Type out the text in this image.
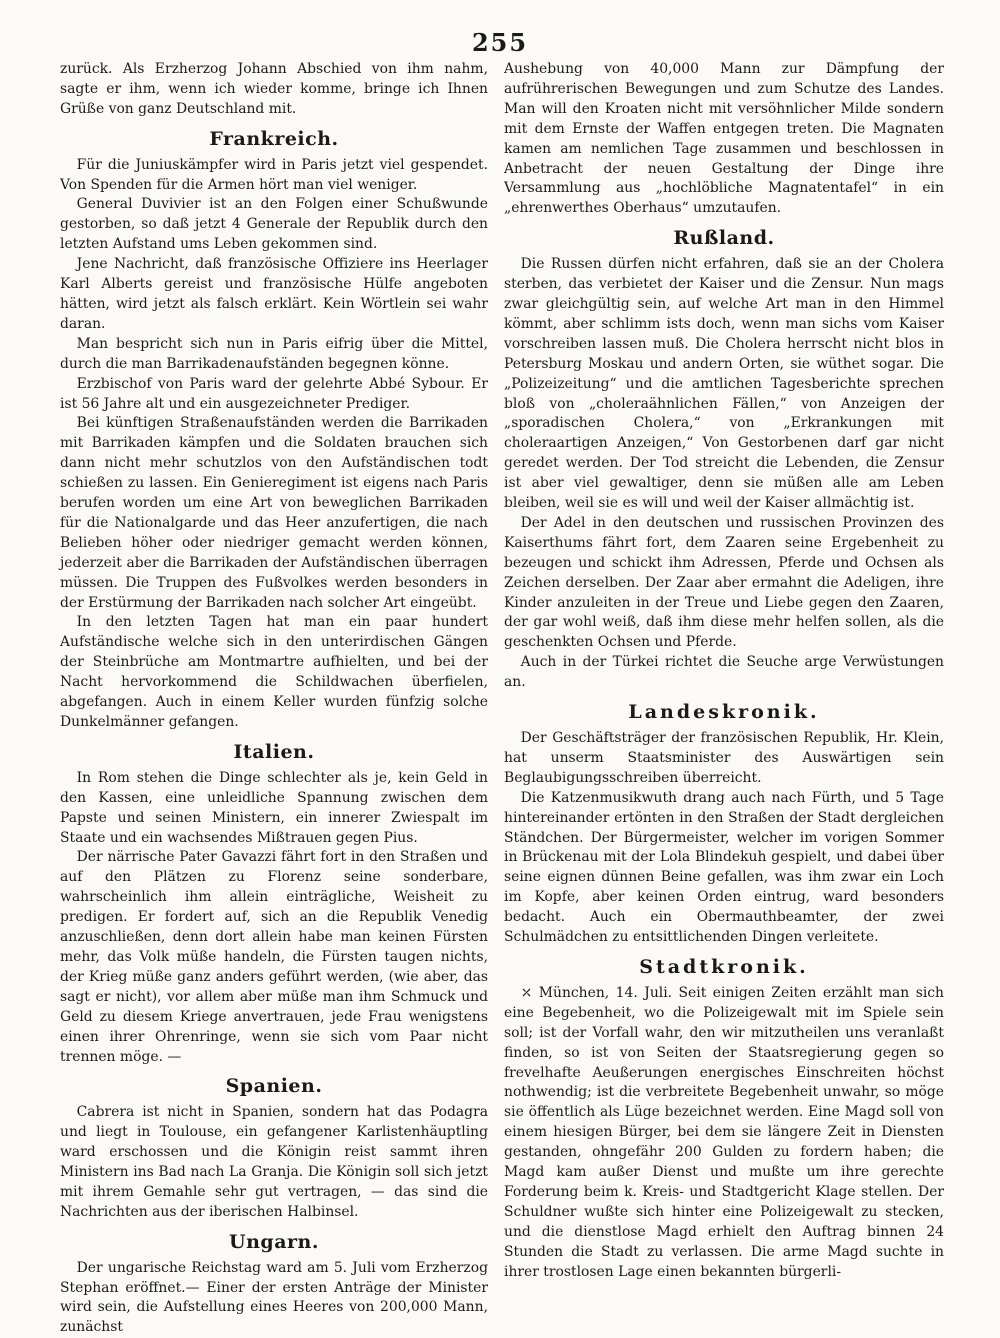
255

zurück. Als Erzherzog Johann Abschied von ihm nahm, sagte er ihm, wenn ich wieder komme, bringe ich Ihnen Grüße von ganz Deutschland mit.

Frankreich.

Für die Juniuskämpfer wird in Paris jetzt viel gespendet. Von Spenden für die Armen hört man viel weniger.

General Duvivier ist an den Folgen einer Schußwunde gestorben, so daß jetzt 4 Generale der Republik durch den letzten Aufstand ums Leben gekommen sind.

Jene Nachricht, daß französische Offiziere ins Heerlager Karl Alberts gereist und französische Hülfe angeboten hätten, wird jetzt als falsch erklärt. Kein Wörtlein sei wahr daran.

Man bespricht sich nun in Paris eifrig über die Mittel, durch die man Barrikadenaufständen begegnen könne.

Erzbischof von Paris ward der gelehrte Abbé Sybour. Er ist 56 Jahre alt und ein ausgezeichneter Prediger.

Bei künftigen Straßenaufständen werden die Barrikaden mit Barrikaden kämpfen und die Soldaten brauchen sich dann nicht mehr schutzlos von den Aufständischen todt schießen zu lassen. Ein Genieregiment ist eigens nach Paris berufen worden um eine Art von beweglichen Barrikaden für die Nationalgarde und das Heer anzufertigen, die nach Belieben höher oder niedriger gemacht werden können, jederzeit aber die Barrikaden der Aufständischen überragen müssen. Die Truppen des Fußvolkes werden besonders in der Erstürmung der Barrikaden nach solcher Art eingeübt.

In den letzten Tagen hat man ein paar hundert Aufständische welche sich in den unterirdischen Gängen der Steinbrüche am Montmartre aufhielten, und bei der Nacht hervorkommend die Schildwachen überfielen, abgefangen. Auch in einem Keller wurden fünfzig solche Dunkelmänner gefangen.

Italien.

In Rom stehen die Dinge schlechter als je, kein Geld in den Kassen, eine unleidliche Spannung zwischen dem Papste und seinen Ministern, ein innerer Zwiespalt im Staate und ein wachsendes Mißtrauen gegen Pius.

Der närrische Pater Gavazzi fährt fort in den Straßen und auf den Plätzen zu Florenz seine sonderbare, wahrscheinlich ihm allein einträgliche, Weisheit zu predigen. Er fordert auf, sich an die Republik Venedig anzuschließen, denn dort allein habe man keinen Fürsten mehr, das Volk müße handeln, die Fürsten taugen nichts, der Krieg müße ganz anders geführt werden, (wie aber, das sagt er nicht), vor allem aber müße man ihm Schmuck und Geld zu diesem Kriege anvertrauen, jede Frau wenigstens einen ihrer Ohrenringe, wenn sie sich vom Paar nicht trennen möge. —

Spanien.

Cabrera ist nicht in Spanien, sondern hat das Podagra und liegt in Toulouse, ein gefangener Karlistenhäuptling ward erschossen und die Königin reist sammt ihren Ministern ins Bad nach La Granja. Die Königin soll sich jetzt mit ihrem Gemahle sehr gut vertragen, — das sind die Nachrichten aus der iberischen Halbinsel.

Ungarn.

Der ungarische Reichstag ward am 5. Juli vom Erzherzog Stephan eröffnet.— Einer der ersten Anträge der Minister wird sein, die Aufstellung eines Heeres von 200,000 Mann, zunächst

Aushebung von 40,000 Mann zur Dämpfung der aufrührerischen Bewegungen und zum Schutze des Landes. Man will den Kroaten nicht mit versöhnlicher Milde sondern mit dem Ernste der Waffen entgegen treten. Die Magnaten kamen am nemlichen Tage zusammen und beschlossen in Anbetracht der neuen Gestaltung der Dinge ihre Versammlung aus „hochlöbliche Magnatentafel“ in ein „ehrenwerthes Oberhaus“ umzutaufen.

Rußland.

Die Russen dürfen nicht erfahren, daß sie an der Cholera sterben, das verbietet der Kaiser und die Zensur. Nun mags zwar gleichgültig sein, auf welche Art man in den Himmel kömmt, aber schlimm ists doch, wenn man sichs vom Kaiser vorschreiben lassen muß. Die Cholera herrscht nicht blos in Petersburg Moskau und andern Orten, sie wüthet sogar. Die „Polizeizeitung“ und die amtlichen Tagesberichte sprechen bloß von „choleraähnlichen Fällen,“ von Anzeigen der „sporadischen Cholera,“ von „Erkrankungen mit choleraartigen Anzeigen,“ Von Gestorbenen darf gar nicht geredet werden. Der Tod streicht die Lebenden, die Zensur ist aber viel gewaltiger, denn sie müßen alle am Leben bleiben, weil sie es will und weil der Kaiser allmächtig ist.

Der Adel in den deutschen und russischen Provinzen des Kaiserthums fährt fort, dem Zaaren seine Ergebenheit zu bezeugen und schickt ihm Adressen, Pferde und Ochsen als Zeichen derselben. Der Zaar aber ermahnt die Adeligen, ihre Kinder anzuleiten in der Treue und Liebe gegen den Zaaren, der gar wohl weiß, daß ihm diese mehr helfen sollen, als die geschenkten Ochsen und Pferde.

Auch in der Türkei richtet die Seuche arge Verwüstungen an.

Landeskronik.

Der Geschäftsträger der französischen Republik, Hr. Klein, hat unserm Staatsminister des Auswärtigen sein Beglaubigungsschreiben überreicht.

Die Katzenmusikwuth drang auch nach Fürth, und 5 Tage hintereinander ertönten in den Straßen der Stadt dergleichen Ständchen. Der Bürgermeister, welcher im vorigen Sommer in Brückenau mit der Lola Blindekuh gespielt, und dabei über seine eignen dünnen Beine gefallen, was ihm zwar ein Loch im Kopfe, aber keinen Orden eintrug, ward besonders bedacht. Auch ein Obermauthbeamter, der zwei Schulmädchen zu entsittlichenden Dingen verleitete.

Stadtkronik.

⤫ München, 14. Juli. Seit einigen Zeiten erzählt man sich eine Begebenheit, wo die Polizeigewalt mit im Spiele sein soll; ist der Vorfall wahr, den wir mitzutheilen uns veranlaßt finden, so ist von Seiten der Staatsregierung gegen so frevelhafte Aeußerungen energisches Einschreiten höchst nothwendig; ist die verbreitete Begebenheit unwahr, so möge sie öffentlich als Lüge bezeichnet werden. Eine Magd soll von einem hiesigen Bürger, bei dem sie längere Zeit in Diensten gestanden, ohngefähr 200 Gulden zu fordern haben; die Magd kam außer Dienst und mußte um ihre gerechte Forderung beim k. Kreis- und Stadtgericht Klage stellen. Der Schuldner wußte sich hinter eine Polizeigewalt zu stecken, und die dienstlose Magd erhielt den Auftrag binnen 24 Stunden die Stadt zu verlassen. Die arme Magd suchte in ihrer trostlosen Lage einen bekannten bürgerli-
